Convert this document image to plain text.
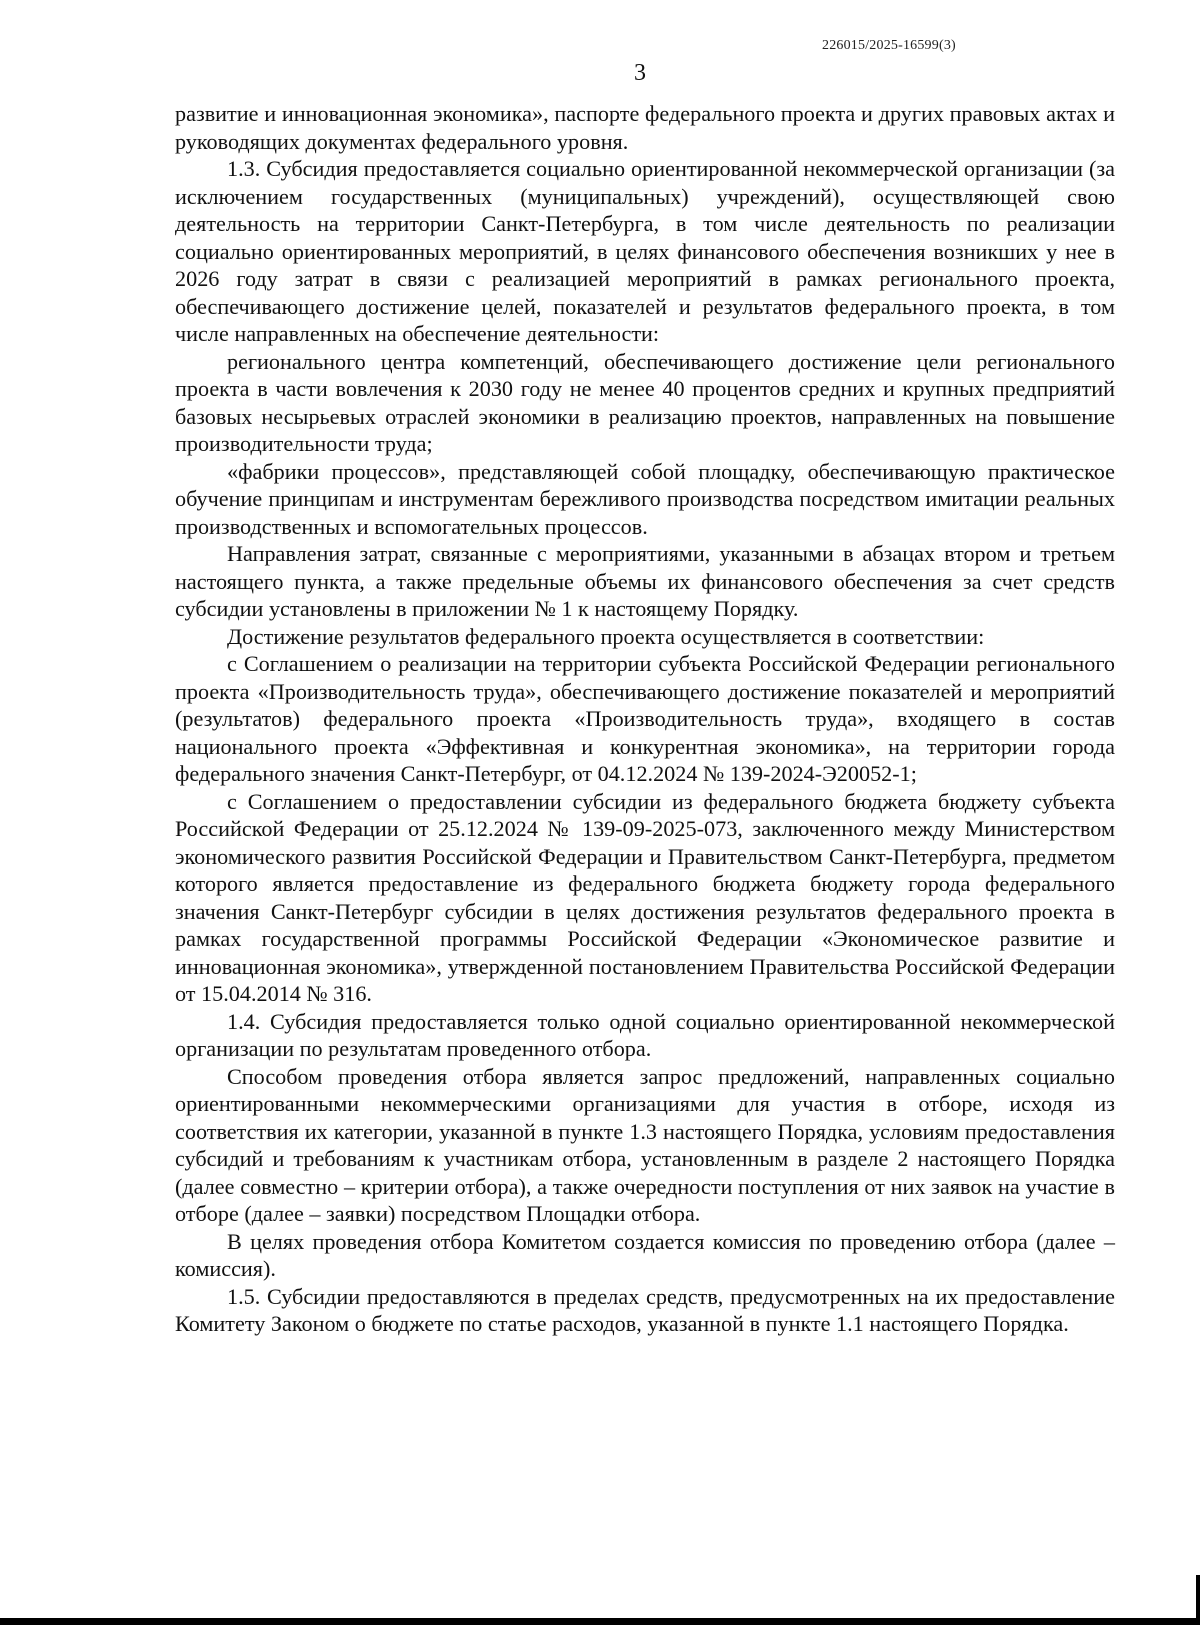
226015/2025-16599(3)
3

развитие и инновационная экономика», паспорте федерального проекта и других правовых актах и руководящих документах федерального уровня.

1.3. Субсидия предоставляется социально ориентированной некоммерческой организации (за исключением государственных (муниципальных) учреждений), осуществляющей свою деятельность на территории Санкт-Петербурга, в том числе деятельность по реализации социально ориентированных мероприятий, в целях финансового обеспечения возникших у нее в 2026 году затрат в связи с реализацией мероприятий в рамках регионального проекта, обеспечивающего достижение целей, показателей и результатов федерального проекта, в том числе направленных на обеспечение деятельности:

регионального центра компетенций, обеспечивающего достижение цели регионального проекта в части вовлечения к 2030 году не менее 40 процентов средних и крупных предприятий базовых несырьевых отраслей экономики в реализацию проектов, направленных на повышение производительности труда;

«фабрики процессов», представляющей собой площадку, обеспечивающую практическое обучение принципам и инструментам бережливого производства посредством имитации реальных производственных и вспомогательных процессов.

Направления затрат, связанные с мероприятиями, указанными в абзацах втором и третьем настоящего пункта, а также предельные объемы их финансового обеспечения за счет средств субсидии установлены в приложении № 1 к настоящему Порядку.

Достижение результатов федерального проекта осуществляется в соответствии:

с Соглашением о реализации на территории субъекта Российской Федерации регионального проекта «Производительность труда», обеспечивающего достижение показателей и мероприятий (результатов) федерального проекта «Производительность труда», входящего в состав национального проекта «Эффективная и конкурентная экономика», на территории города федерального значения Санкт-Петербург, от 04.12.2024 № 139-2024-Э20052-1;

с Соглашением о предоставлении субсидии из федерального бюджета бюджету субъекта Российской Федерации от 25.12.2024 № 139-09-2025-073, заключенного между Министерством экономического развития Российской Федерации и Правительством Санкт-Петербурга, предметом которого является предоставление из федерального бюджета бюджету города федерального значения Санкт-Петербург субсидии в целях достижения результатов федерального проекта в рамках государственной программы Российской Федерации «Экономическое развитие и инновационная экономика», утвержденной постановлением Правительства Российской Федерации от 15.04.2014 № 316.

1.4. Субсидия предоставляется только одной социально ориентированной некоммерческой организации по результатам проведенного отбора.

Способом проведения отбора является запрос предложений, направленных социально ориентированными некоммерческими организациями для участия в отборе, исходя из соответствия их категории, указанной в пункте 1.3 настоящего Порядка, условиям предоставления субсидий и требованиям к участникам отбора, установленным в разделе 2 настоящего Порядка (далее совместно – критерии отбора), а также очередности поступления от них заявок на участие в отборе (далее – заявки) посредством Площадки отбора.

В целях проведения отбора Комитетом создается комиссия по проведению отбора (далее – комиссия).

1.5. Субсидии предоставляются в пределах средств, предусмотренных на их предоставление Комитету Законом о бюджете по статье расходов, указанной в пункте 1.1 настоящего Порядка.
